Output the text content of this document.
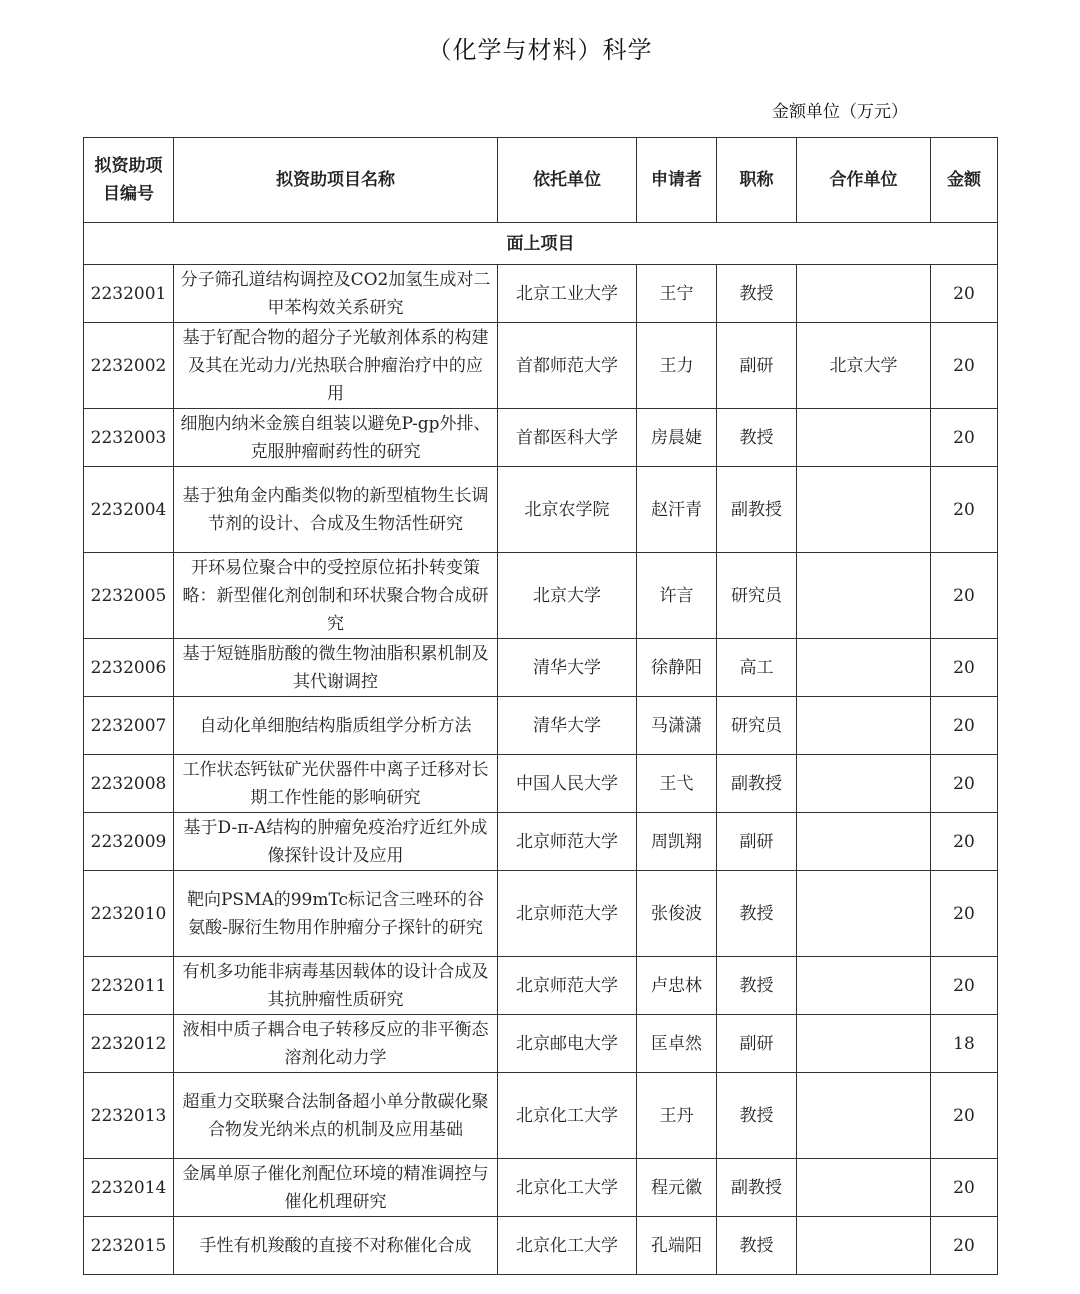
（化学与材料）科学
金额单位（万元）
拟资助项目编号	拟资助项目名称	依托单位	申请者	职称	合作单位	金额
面上项目						
2232001	分子筛孔道结构调控及CO2加氢生成对二甲苯构效关系研究	北京工业大学	王宁	教授		20
2232002	基于钌配合物的超分子光敏剂体系的构建及其在光动力/光热联合肿瘤治疗中的应用	首都师范大学	王力	副研	北京大学	20
2232003	细胞内纳米金簇自组装以避免P-gp外排、克服肿瘤耐药性的研究	首都医科大学	房晨婕	教授		20
2232004	基于独角金内酯类似物的新型植物生长调节剂的设计、合成及生物活性研究	北京农学院	赵汗青	副教授		20
2232005	开环易位聚合中的受控原位拓扑转变策略：新型催化剂创制和环状聚合物合成研究	北京大学	许言	研究员		20
2232006	基于短链脂肪酸的微生物油脂积累机制及其代谢调控	清华大学	徐静阳	高工		20
2232007	自动化单细胞结构脂质组学分析方法	清华大学	马潇潇	研究员		20
2232008	工作状态钙钛矿光伏器件中离子迁移对长期工作性能的影响研究	中国人民大学	王弋	副教授		20
2232009	基于D-π-A结构的肿瘤免疫治疗近红外成像探针设计及应用	北京师范大学	周凯翔	副研		20
2232010	靶向PSMA的99mTc标记含三唑环的谷氨酸-脲衍生物用作肿瘤分子探针的研究	北京师范大学	张俊波	教授		20
2232011	有机多功能非病毒基因载体的设计合成及其抗肿瘤性质研究	北京师范大学	卢忠林	教授		20
2232012	液相中质子耦合电子转移反应的非平衡态溶剂化动力学	北京邮电大学	匡卓然	副研		18
2232013	超重力交联聚合法制备超小单分散碳化聚合物发光纳米点的机制及应用基础	北京化工大学	王丹	教授		20
2232014	金属单原子催化剂配位环境的精准调控与催化机理研究	北京化工大学	程元徽	副教授		20
2232015	手性有机羧酸的直接不对称催化合成	北京化工大学	孔端阳	教授		20
